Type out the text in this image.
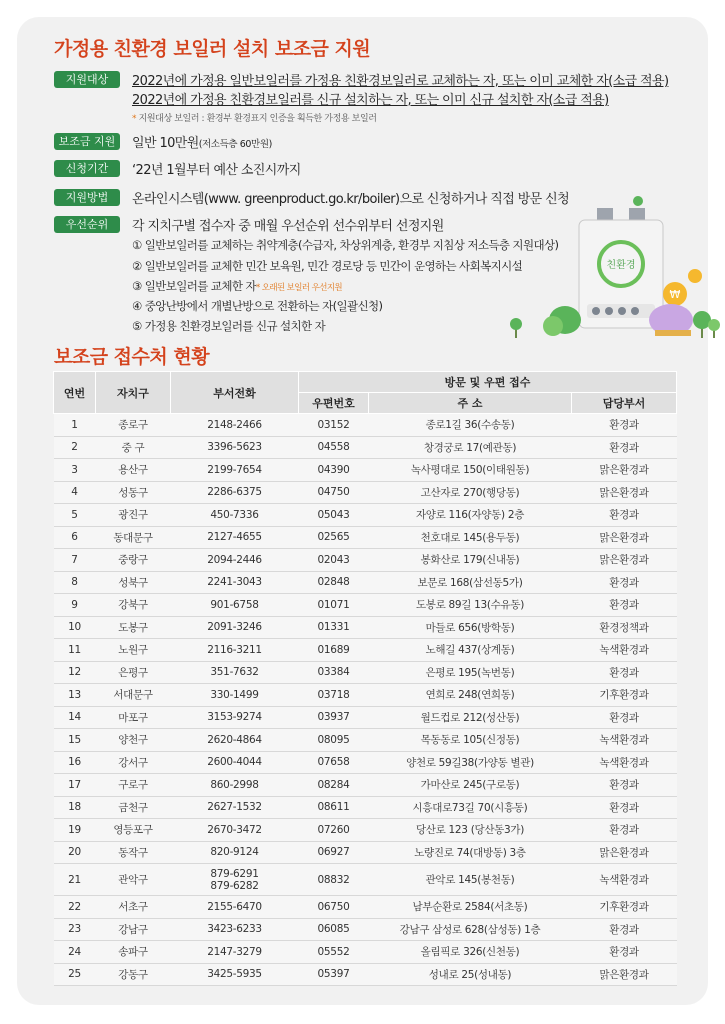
가정용 친환경 보일러 설치 보조금 지원
지원대상	2022년에 가정용 일반보일러를 가정용 친환경보일러로 교체하는 자, 또는 이미 교체한 자(소급 적용)
2022년에 가정용 친환경보일러를 신규 설치하는 자, 또는 이미 신규 설치한 자(소급 적용)
* 지원대상 보일러 : 환경부 환경표지 인증을 획득한 가정용 보일러
보조금 지원	일반 10만원(저소득층 60만원)
신청기간	‘22년 1월부터 예산 소진시까지
지원방법	온라인시스템(www. greenproduct.go.kr/boiler)으로 신청하거나 직접 방문 신청
우선순위	각 지치구별 접수자 중 매월 우선순위 선수위부터 선정지원
① 일반보일러를 교체하는 취약계층(수급자, 차상위계층, 환경부 지침상 저소득층 지원대상)
② 일반보일러를 교체한 민간 보육원, 민간 경로당 등 민간이 운영하는 사회복지시설
③ 일반보일러를 교체한 자* 오래된 보일러 우선지원
④ 중앙난방에서 개별난방으로 전환하는 자(일괄신청)
⑤ 가정용 친환경보일러를 신규 설치한 자
친환경
₩
보조금 접수처 현황
연번	자치구	부서전화	방문 및 우편 접수		
			우편번호	주 소	담당부서
1	종로구	2148-2466	03152	종로1길 36(수송동)	환경과
2	중 구	3396-5623	04558	창경궁로 17(예관동)	환경과
3	용산구	2199-7654	04390	녹사평대로 150(이태원동)	맑은환경과
4	성동구	2286-6375	04750	고산자로 270(행당동)	맑은환경과
5	광진구	450-7336	05043	자양로 116(자양동) 2층	환경과
6	동대문구	2127-4655	02565	천호대로 145(용두동)	맑은환경과
7	중랑구	2094-2446	02043	봉화산로 179(신내동)	맑은환경과
8	성북구	2241-3043	02848	보문로 168(삼선동5가)	환경과
9	강북구	901-6758	01071	도봉로 89길 13(수유동)	환경과
10	도봉구	2091-3246	01331	마들로 656(방학동)	환경정책과
11	노원구	2116-3211	01689	노해길 437(상계동)	녹색환경과
12	은평구	351-7632	03384	은평로 195(녹번동)	환경과
13	서대문구	330-1499	03718	연희로 248(연희동)	기후환경과
14	마포구	3153-9274	03937	월드컵로 212(성산동)	환경과
15	양천구	2620-4864	08095	목동동로 105(신정동)	녹색환경과
16	강서구	2600-4044	07658	양천로 59길38(가양동 별관)	녹색환경과
17	구로구	860-2998	08284	가마산로 245(구로동)	환경과
18	금천구	2627-1532	08611	시흥대로73길 70(시흥동)	환경과
19	영등포구	2670-3472	07260	당산로 123 (당산동3가)	환경과
20	동작구	820-9124	06927	노량진로 74(대방동) 3층	맑은환경과
21	관악구	879-6291
879-6282	08832	관악로 145(봉천동)	녹색환경과
22	서초구	2155-6470	06750	남부순환로 2584(서초동)	기후환경과
23	강남구	3423-6233	06085	강남구 삼성로 628(삼성동) 1층	환경과
24	송파구	2147-3279	05552	올림픽로 326(신천동)	환경과
25	강동구	3425-5935	05397	성내로 25(성내동)	맑은환경과
